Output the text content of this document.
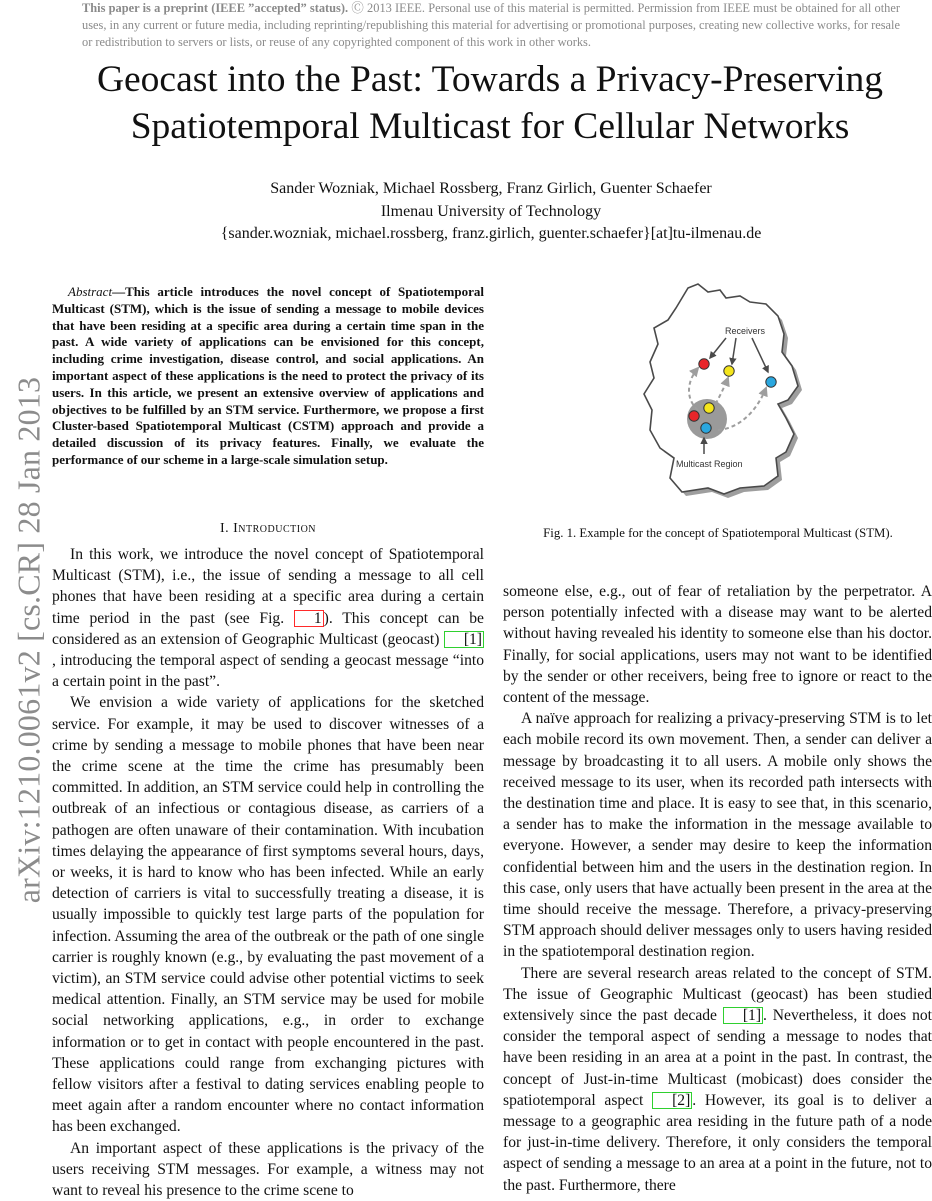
This paper is a preprint (IEEE ”accepted” status). Ⓒ 2013 IEEE. Personal use of this material is permitted. Permission from IEEE must be obtained for all other uses, in any current or future media, including reprinting/republishing this material for advertising or promotional purposes, creating new collective works, for resale or redistribution to servers or lists, or reuse of any copyrighted component of this work in other works.
arXiv:1210.0061v2 [cs.CR] 28 Jan 2013
Geocast into the Past: Towards a Privacy-Preserving
Spatiotemporal Multicast for Cellular Networks
Sander Wozniak, Michael Rossberg, Franz Girlich, Guenter Schaefer
Ilmenau University of Technology
{sander.wozniak, michael.rossberg, franz.girlich, guenter.schaefer}[at]tu-ilmenau.de

Abstract—This article introduces the novel concept of Spatiotemporal Multicast (STM), which is the issue of sending a message to mobile devices that have been residing at a specific area during a certain time span in the past. A wide variety of applications can be envisioned for this concept, including crime investigation, disease control, and social applications. An important aspect of these applications is the need to protect the privacy of its users. In this article, we present an extensive overview of applications and objectives to be fulfilled by an STM service. Furthermore, we propose a first Cluster-based Spatiotemporal Multicast (CSTM) approach and provide a detailed discussion of its privacy features. Finally, we evaluate the performance of our scheme in a large-scale simulation setup.

I. Introduction

In this work, we introduce the novel concept of Spatiotemporal Multicast (STM), i.e., the issue of sending a message to all cell phones that have been residing at a specific area during a certain time period in the past (see Fig. 1 ). This concept can be considered as an extension of Geographic Multicast (geocast) [1], introducing the temporal aspect of sending a geocast message “into a certain point in the past”.

We envision a wide variety of applications for the sketched service. For example, it may be used to discover witnesses of a crime by sending a message to mobile phones that have been near the crime scene at the time the crime has presumably been committed. In addition, an STM service could help in controlling the outbreak of an infectious or contagious disease, as carriers of a pathogen are often unaware of their contamination. With incubation times delaying the appearance of first symptoms several hours, days, or weeks, it is hard to know who has been infected. While an early detection of carriers is vital to successfully treating a disease, it is usually impossible to quickly test large parts of the population for infection. Assuming the area of the outbreak or the path of one single carrier is roughly known (e.g., by evaluating the past movement of a victim), an STM service could advise other potential victims to seek medical attention. Finally, an STM service may be used for mobile social networking applications, e.g., in order to exchange information or to get in contact with people encountered in the past. These applications could range from exchanging pictures with fellow visitors after a festival to dating services enabling people to meet again after a random encounter where no contact information has been exchanged.

An important aspect of these applications is the privacy of the users receiving STM messages. For example, a witness may not want to reveal his presence to the crime scene to

Receivers
Multicast Region
Fig. 1. Example for the concept of Spatiotemporal Multicast (STM).

someone else, e.g., out of fear of retaliation by the perpetrator. A person potentially infected with a disease may want to be alerted without having revealed his identity to someone else than his doctor. Finally, for social applications, users may not want to be identified by the sender or other receivers, being free to ignore or react to the content of the message.

A naïve approach for realizing a privacy-preserving STM is to let each mobile record its own movement. Then, a sender can deliver a message by broadcasting it to all users. A mobile only shows the received message to its user, when its recorded path intersects with the destination time and place. It is easy to see that, in this scenario, a sender has to make the information in the message available to everyone. However, a sender may desire to keep the information confidential between him and the users in the destination region. In this case, only users that have actually been present in the area at the time should receive the message. Therefore, a privacy-preserving STM approach should deliver messages only to users having resided in the spatiotemporal destination region.

There are several research areas related to the concept of STM. The issue of Geographic Multicast (geocast) has been studied extensively since the past decade [1] . Nevertheless, it does not consider the temporal aspect of sending a message to nodes that have been residing in an area at a point in the past. In contrast, the concept of Just-in-time Multicast (mobicast) does consider the spatiotemporal aspect [2] . However, its goal is to deliver a message to a geographic area residing in the future path of a node for just-in-time delivery. Therefore, it only considers the temporal aspect of sending a message to an area at a point in the future, not to the past. Furthermore, there
